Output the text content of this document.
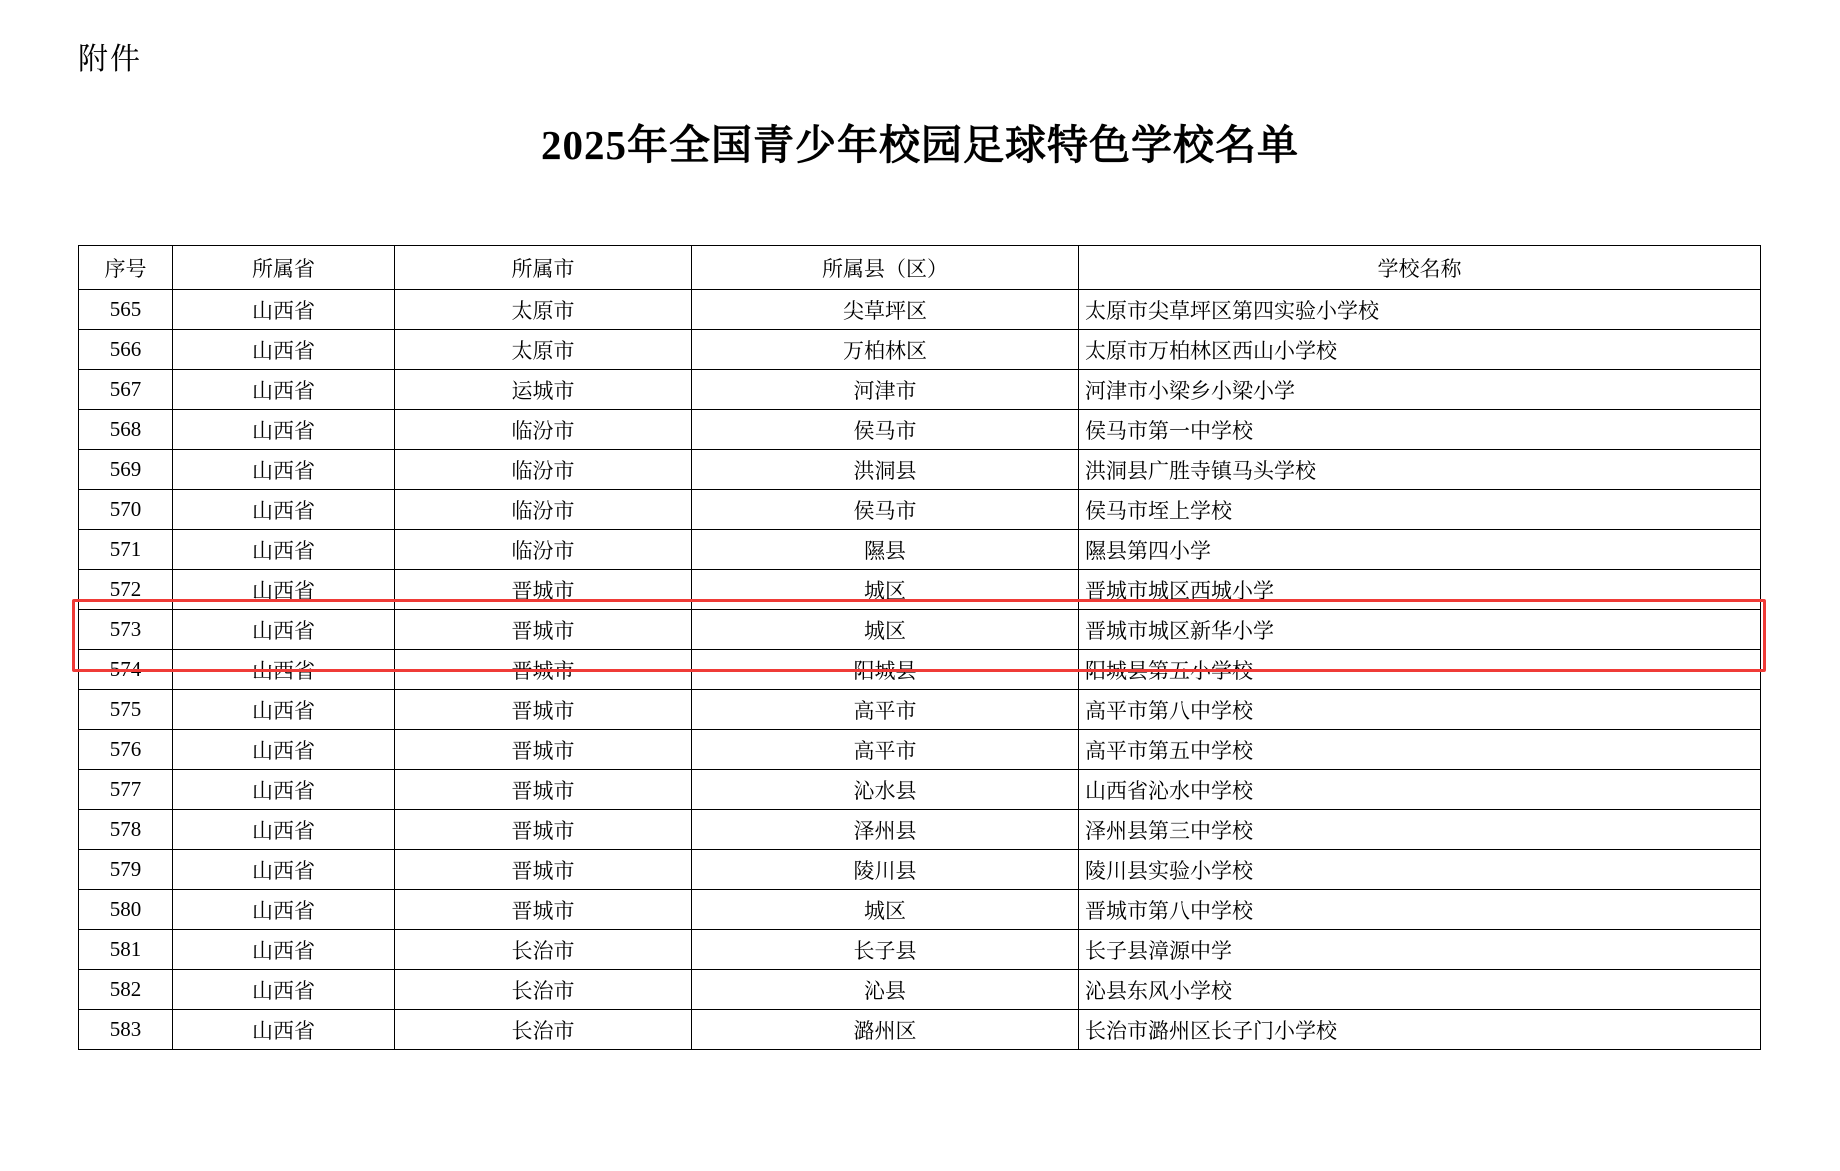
附件
2025年全国青少年校园足球特色学校名单
序号	所属省	所属市	所属县（区）	学校名称
565	山西省	太原市	尖草坪区	太原市尖草坪区第四实验小学校
566	山西省	太原市	万柏林区	太原市万柏林区西山小学校
567	山西省	运城市	河津市	河津市小梁乡小梁小学
568	山西省	临汾市	侯马市	侯马市第一中学校
569	山西省	临汾市	洪洞县	洪洞县广胜寺镇马头学校
570	山西省	临汾市	侯马市	侯马市垤上学校
571	山西省	临汾市	隰县	隰县第四小学
572	山西省	晋城市	城区	晋城市城区西城小学
573	山西省	晋城市	城区	晋城市城区新华小学
574	山西省	晋城市	阳城县	阳城县第五小学校
575	山西省	晋城市	高平市	高平市第八中学校
576	山西省	晋城市	高平市	高平市第五中学校
577	山西省	晋城市	沁水县	山西省沁水中学校
578	山西省	晋城市	泽州县	泽州县第三中学校
579	山西省	晋城市	陵川县	陵川县实验小学校
580	山西省	晋城市	城区	晋城市第八中学校
581	山西省	长治市	长子县	长子县漳源中学
582	山西省	长治市	沁县	沁县东风小学校
583	山西省	长治市	潞州区	长治市潞州区长子门小学校
